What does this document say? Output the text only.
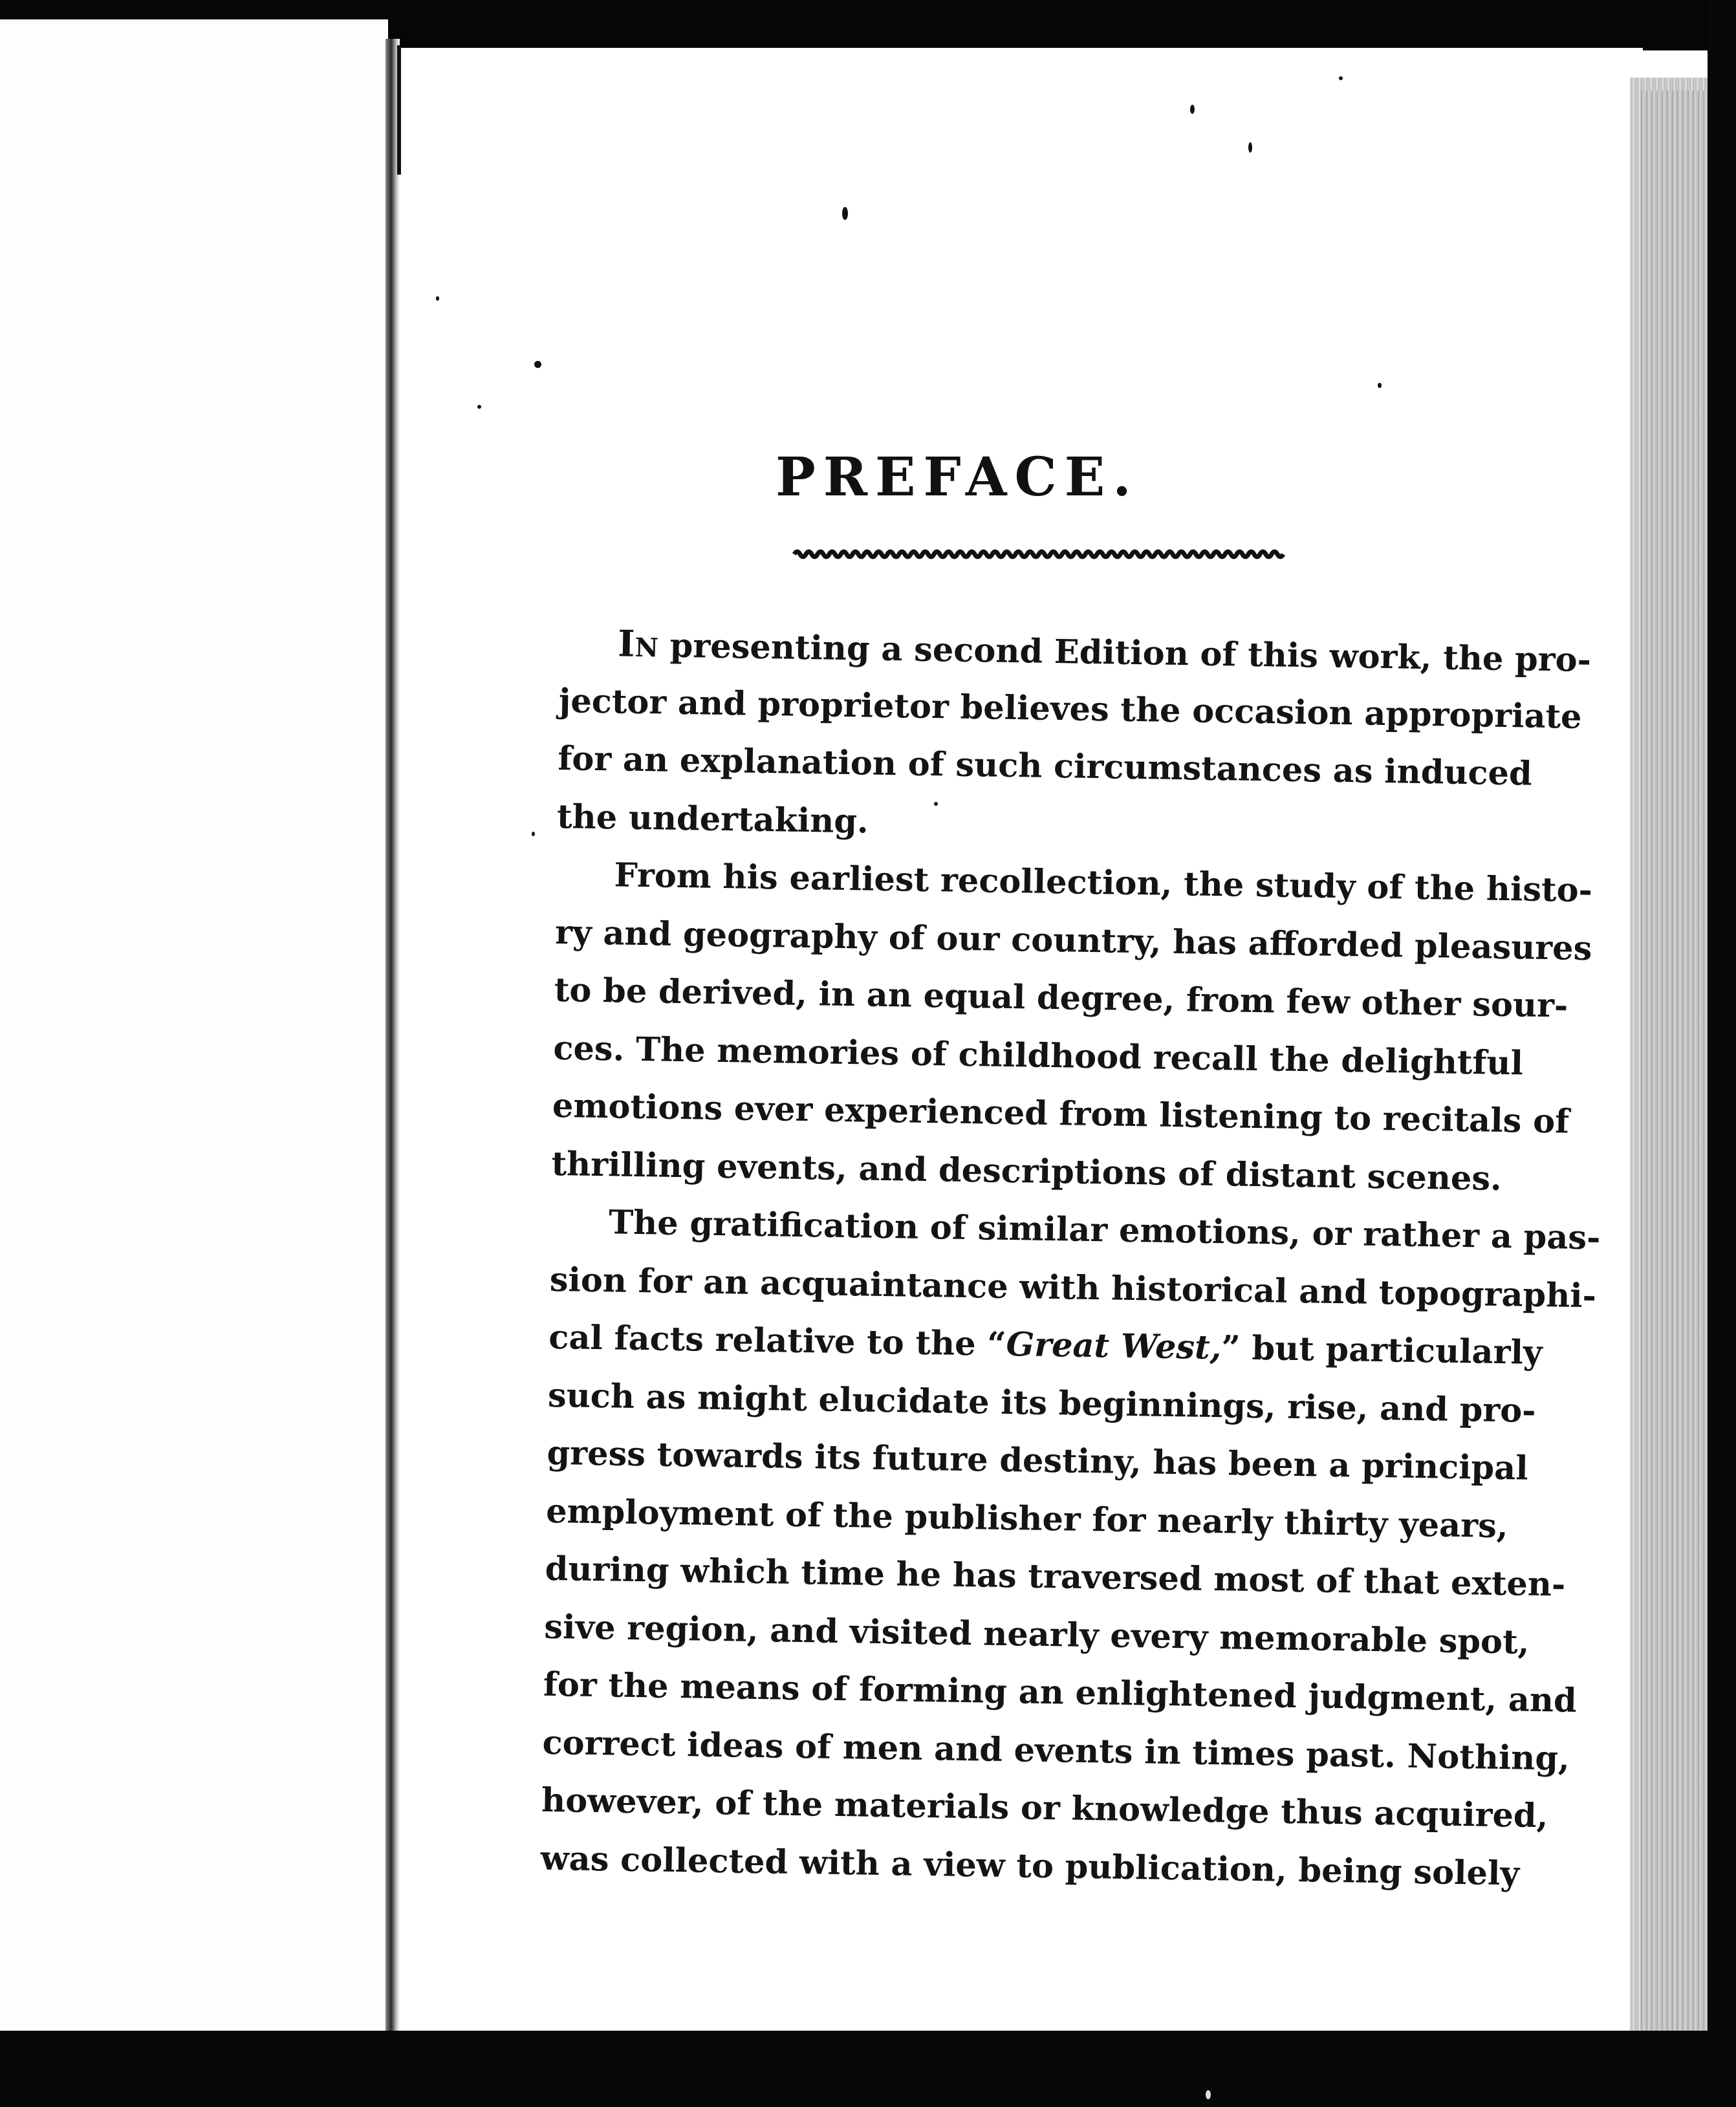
PREFACE.
IN presenting a second Edition of this work, the pro-
jector and proprietor believes the occasion appropriate
for an explanation of such circumstances as induced
the undertaking.
From his earliest recollection, the study of the histo-
ry and geography of our country, has afforded pleasures
to be derived, in an equal degree, from few other sour-
ces. The memories of childhood recall the delightful
emotions ever experienced from listening to recitals of
thrilling events, and descriptions of distant scenes.
The gratification of similar emotions, or rather a pas-
sion for an acquaintance with historical and topographi-
cal facts relative to the “Great West,” but particularly
such as might elucidate its beginnings, rise, and pro-
gress towards its future destiny, has been a principal
employment of the publisher for nearly thirty years,
during which time he has traversed most of that exten-
sive region, and visited nearly every memorable spot,
for the means of forming an enlightened judgment, and
correct ideas of men and events in times past. Nothing,
however, of the materials or knowledge thus acquired,
was collected with a view to publication, being solely
